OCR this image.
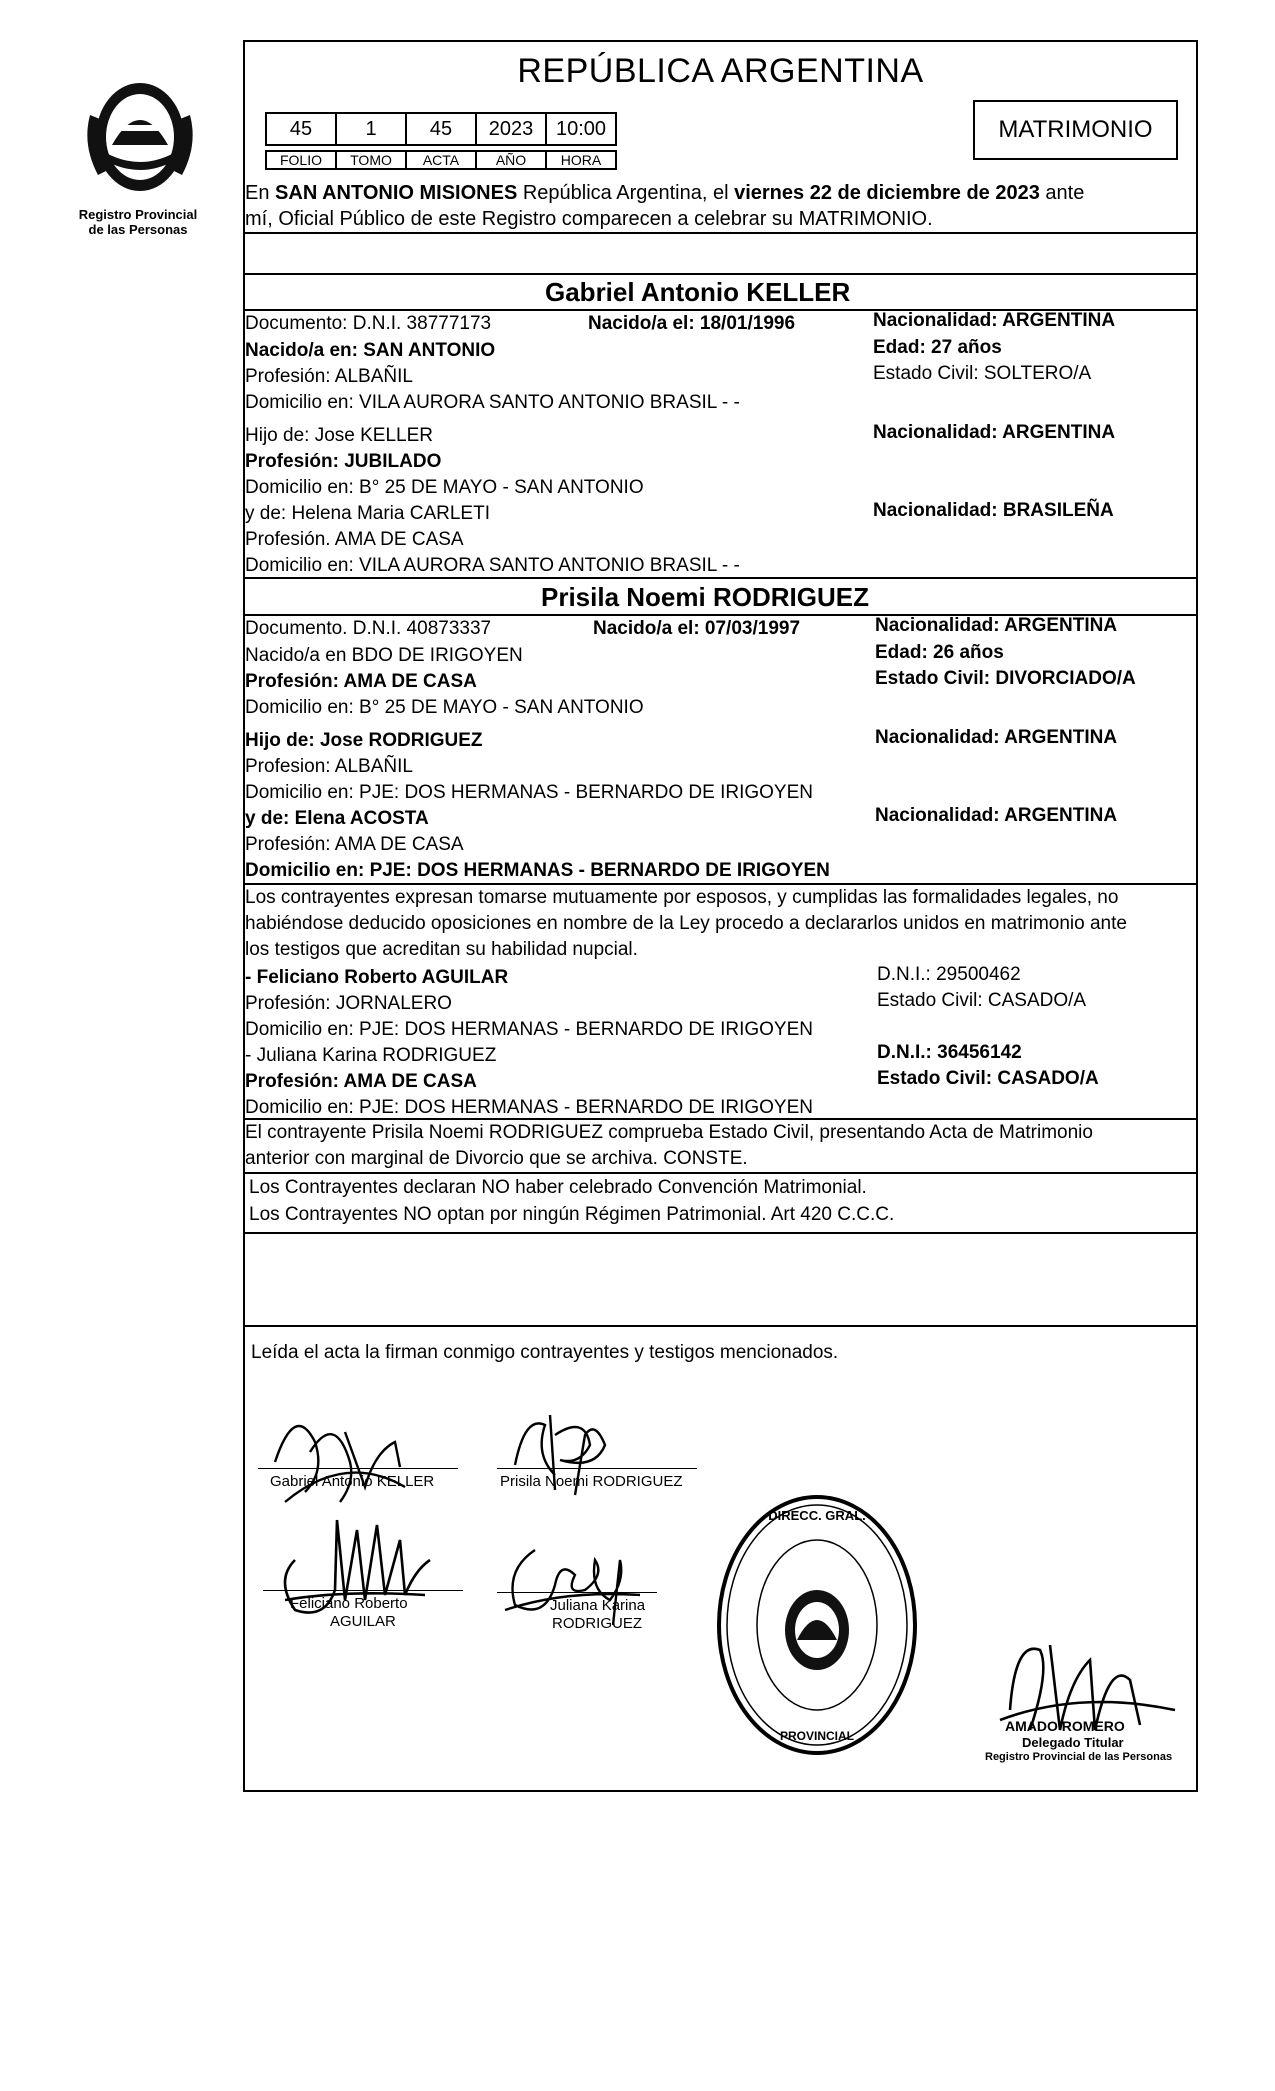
Registro Provincial
de las Personas
REPÚBLICA ARGENTINA
45	1	45	2023	10:00
FOLIO	TOMO	ACTA	AÑO	HORA
MATRIMONIO
En SAN ANTONIO MISIONES República Argentina, el viernes 22 de diciembre de 2023 ante
mí, Oficial Público de este Registro comparecen a celebrar su MATRIMONIO.
Gabriel Antonio KELLER
Documento: D.N.I. 38777173	Nacido/a el: 18/01/1996	Nacionalidad: ARGENTINA
Nacido/a en: SAN ANTONIO	Edad: 27 años
Profesión: ALBAÑIL	Estado Civil: SOLTERO/A
Domicilio en: VILA AURORA SANTO ANTONIO BRASIL - -
Hijo de: Jose KELLER	Nacionalidad: ARGENTINA
Profesión: JUBILADO
Domicilio en: B° 25 DE MAYO - SAN ANTONIO
y de: Helena Maria CARLETI	Nacionalidad: BRASILEÑA
Profesión. AMA DE CASA
Domicilio en: VILA AURORA SANTO ANTONIO BRASIL - -
Prisila Noemi RODRIGUEZ
Documento. D.N.I. 40873337	Nacido/a el: 07/03/1997	Nacionalidad: ARGENTINA
Nacido/a en BDO DE IRIGOYEN	Edad: 26 años
Profesión: AMA DE CASA	Estado Civil: DIVORCIADO/A
Domicilio en: B° 25 DE MAYO - SAN ANTONIO
Hijo de: Jose RODRIGUEZ	Nacionalidad: ARGENTINA
Profesion: ALBAÑIL
Domicilio en: PJE: DOS HERMANAS - BERNARDO DE IRIGOYEN
y de: Elena ACOSTA	Nacionalidad: ARGENTINA
Profesión: AMA DE CASA
Domicilio en: PJE: DOS HERMANAS - BERNARDO DE IRIGOYEN
Los contrayentes expresan tomarse mutuamente por esposos, y cumplidas las formalidades legales, no
habiéndose deducido oposiciones en nombre de la Ley procedo a declararlos unidos en matrimonio ante
los testigos que acreditan su habilidad nupcial.
- Feliciano Roberto AGUILAR	D.N.I.: 29500462
Profesión: JORNALERO	Estado Civil: CASADO/A
Domicilio en: PJE: DOS HERMANAS - BERNARDO DE IRIGOYEN
- Juliana Karina RODRIGUEZ	D.N.I.: 36456142
Profesión: AMA DE CASA	Estado Civil: CASADO/A
Domicilio en: PJE: DOS HERMANAS - BERNARDO DE IRIGOYEN
El contrayente Prisila Noemi RODRIGUEZ comprueba Estado Civil, presentando Acta de Matrimonio
anterior con marginal de Divorcio que se archiva. CONSTE.
Los Contrayentes declaran NO haber celebrado Convención Matrimonial.
Los Contrayentes NO optan por ningún Régimen Patrimonial. Art 420 C.C.C.
Leída el acta la firman conmigo contrayentes y testigos mencionados.
Gabriel Antonio KELLER	Prisila Noemi RODRIGUEZ
Feliciano Roberto
AGUILAR
Juliana Karina
RODRIGUEZ
DIRECC. GRAL.
PROVINCIAL
AMADO ROMERO
Delegado Titular
Registro Provincial de las Personas
